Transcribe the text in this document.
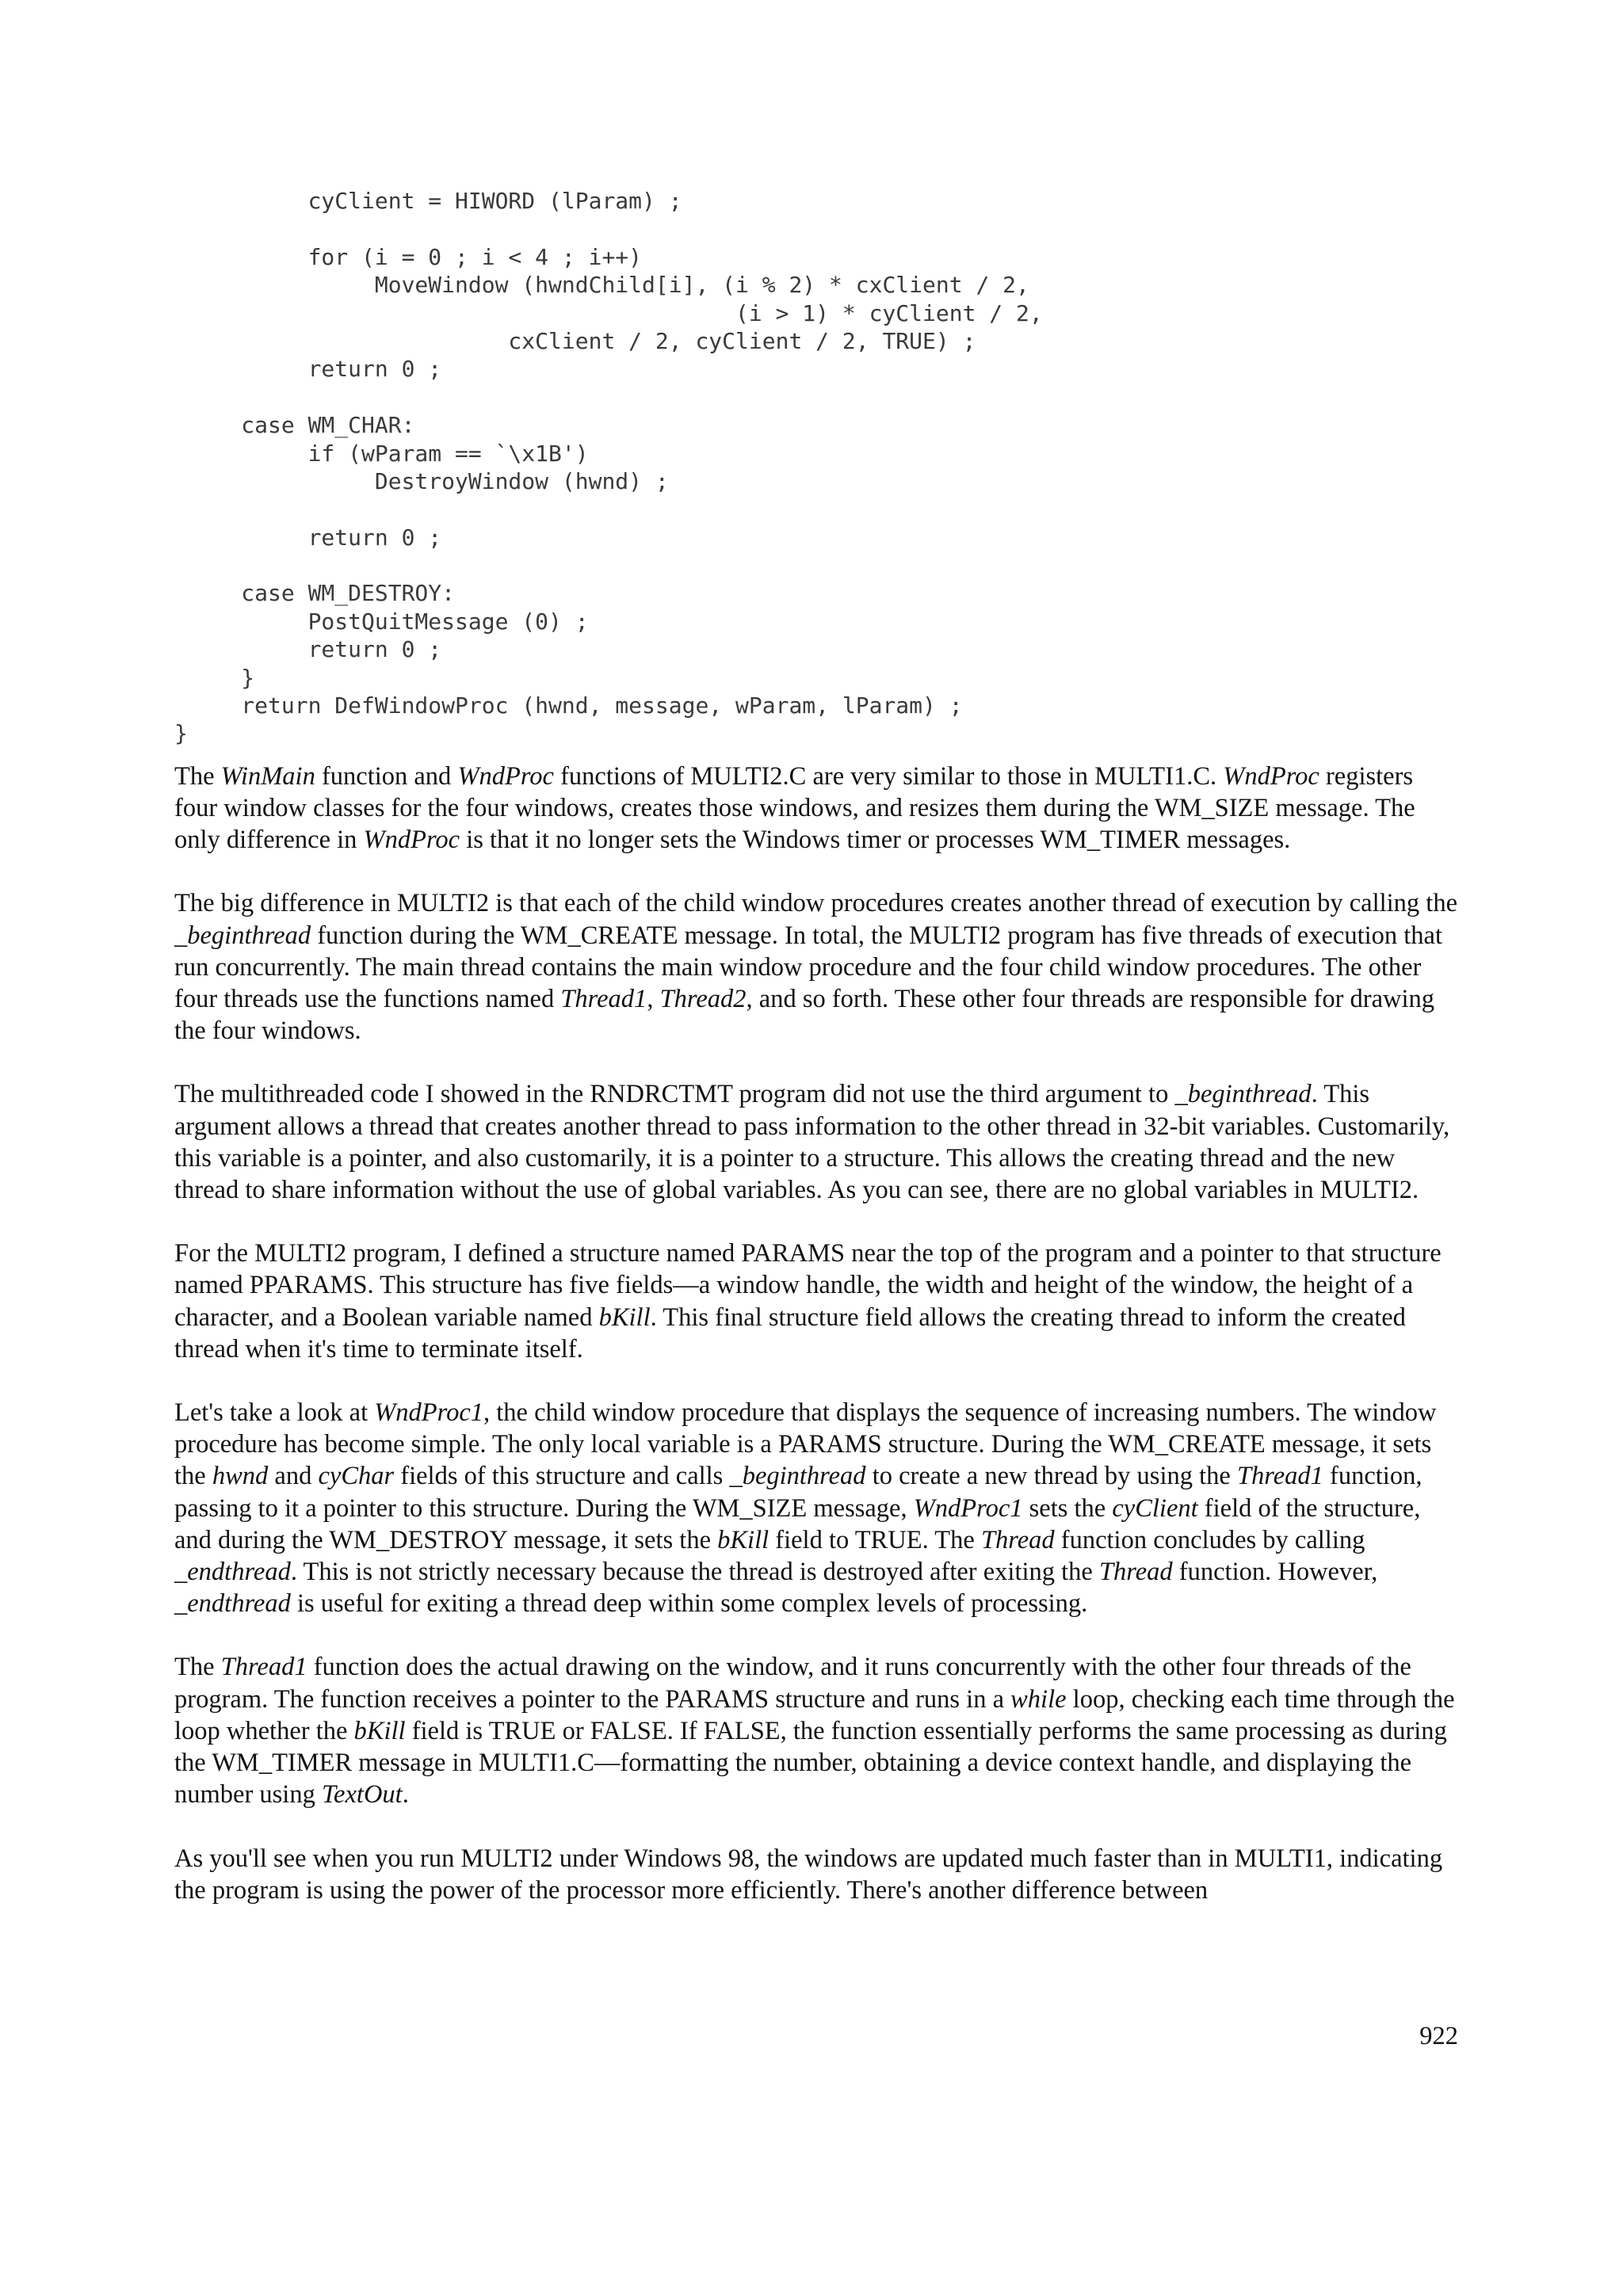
cyClient = HIWORD (lParam) ;
for (i = 0 ; i < 4 ; i++)
MoveWindow (hwndChild[i], (i % 2) * cxClient / 2,
(i > 1) * cyClient / 2,
cxClient / 2, cyClient / 2, TRUE) ;
return 0 ;
case WM_CHAR:
if (wParam == `\x1B')
DestroyWindow (hwnd) ;
return 0 ;
case WM_DESTROY:
PostQuitMessage (0) ;
return 0 ;
}
return DefWindowProc (hwnd, message, wParam, lParam) ;
}

The WinMain function and WndProc functions of MULTI2.C are very similar to those in MULTI1.C. WndProc registers four window classes for the four windows, creates those windows, and resizes them during the WM_SIZE message. The only difference in WndProc is that it no longer sets the Windows timer or processes WM_TIMER messages.

The big difference in MULTI2 is that each of the child window procedures creates another thread of execution by calling the _beginthread function during the WM_CREATE message. In total, the MULTI2 program has five threads of execution that run concurrently. The main thread contains the main window procedure and the four child window procedures. The other four threads use the functions named Thread1, Thread2, and so forth. These other four threads are responsible for drawing the four windows.

The multithreaded code I showed in the RNDRCTMT program did not use the third argument to _beginthread. This argument allows a thread that creates another thread to pass information to the other thread in 32-bit variables. Customarily, this variable is a pointer, and also customarily, it is a pointer to a structure. This allows the creating thread and the new thread to share information without the use of global variables. As you can see, there are no global variables in MULTI2.

For the MULTI2 program, I defined a structure named PARAMS near the top of the program and a pointer to that structure named PPARAMS. This structure has five fields—a window handle, the width and height of the window, the height of a character, and a Boolean variable named bKill. This final structure field allows the creating thread to inform the created thread when it's time to terminate itself.

Let's take a look at WndProc1, the child window procedure that displays the sequence of increasing numbers. The window procedure has become simple. The only local variable is a PARAMS structure. During the WM_CREATE message, it sets the hwnd and cyChar fields of this structure and calls _beginthread to create a new thread by using the Thread1 function, passing to it a pointer to this structure. During the WM_SIZE message, WndProc1 sets the cyClient field of the structure, and during the WM_DESTROY message, it sets the bKill field to TRUE. The Thread function concludes by calling _endthread. This is not strictly necessary because the thread is destroyed after exiting the Thread function. However, _endthread is useful for exiting a thread deep within some complex levels of processing.

The Thread1 function does the actual drawing on the window, and it runs concurrently with the other four threads of the program. The function receives a pointer to the PARAMS structure and runs in a while loop, checking each time through the loop whether the bKill field is TRUE or FALSE. If FALSE, the function essentially performs the same processing as during the WM_TIMER message in MULTI1.C—formatting the number, obtaining a device context handle, and displaying the number using TextOut.

As you'll see when you run MULTI2 under Windows 98, the windows are updated much faster than in MULTI1, indicating the program is using the power of the processor more efficiently. There's another difference between

922
